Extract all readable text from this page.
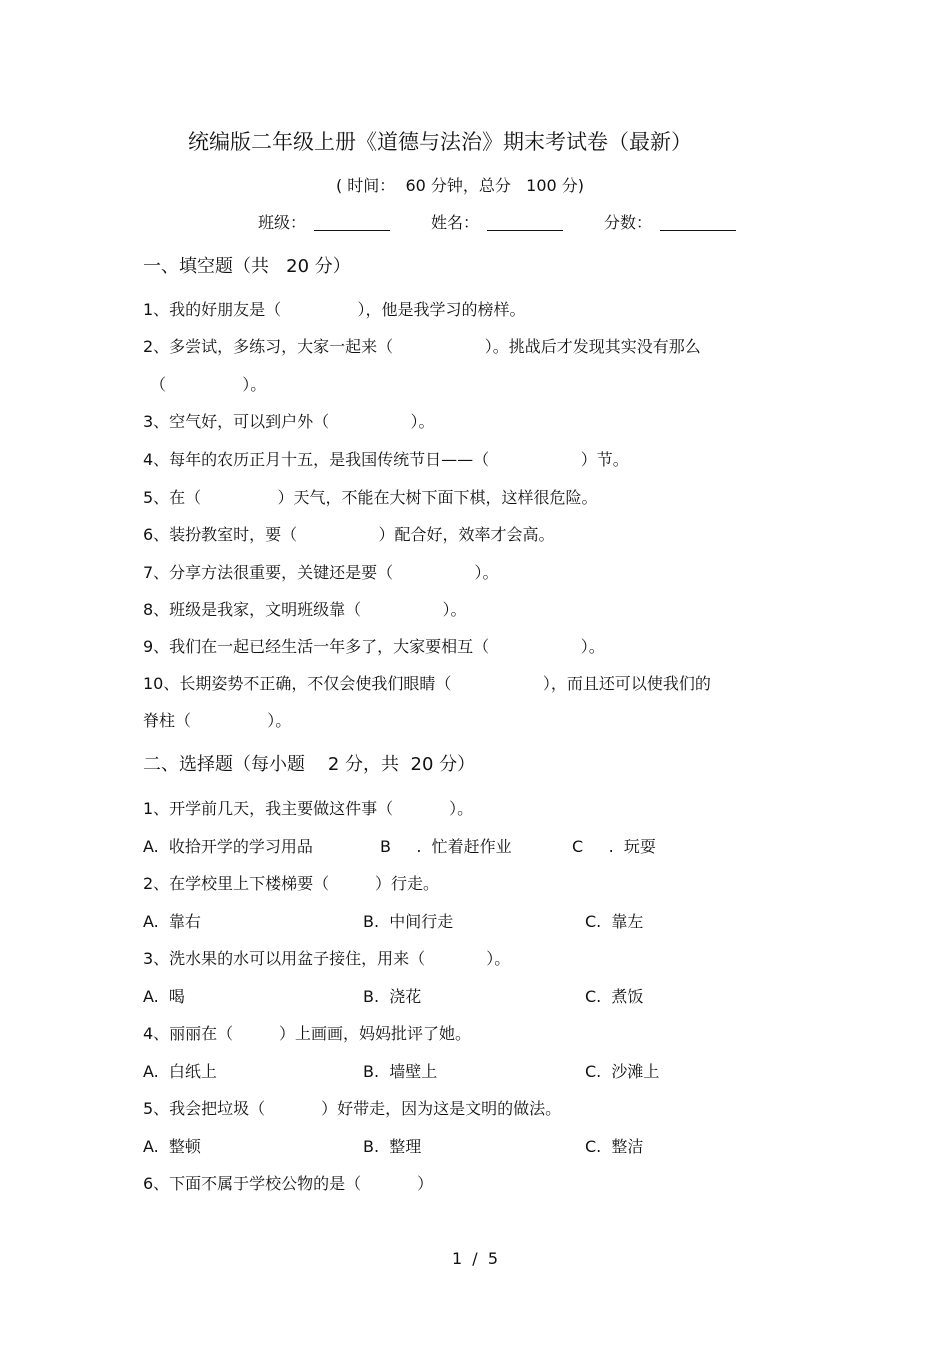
统编版二年级上册《道德与法治》期末考试卷（最新）
( 时间：  60 分钟，总分   100 分)
班级：	姓名：	分数：
一、填空题（共   20 分）
1、我的好朋友是（               ），他是我学习的榜样。
2、多尝试，多练习，大家一起来（                  ）。挑战后才发现其实没有那么
（               ）。
3、空气好，可以到户外（                ）。
4、每年的农历正月十五，是我国传统节日——（                  ）节。
5、在（               ）天气，不能在大树下面下棋，这样很危险。
6、装扮教室时，要（                ）配合好，效率才会高。
7、分享方法很重要，关键还是要（                ）。
8、班级是我家，文明班级靠（                ）。
9、我们在一起已经生活一年多了，大家要相互（                  ）。
10、长期姿势不正确，不仅会使我们眼睛（                  ），而且还可以使我们的
脊柱（               ）。
二、选择题（每小题    2 分，共  20 分）
1、开学前几天，我主要做这件事（           ）。
A.  收拾开学的学习用品	B     .  忙着赶作业	C     .  玩耍
2、在学校里上下楼梯要（         ）行走。
A.  靠右	B.  中间行走	C.  靠左
3、洗水果的水可以用盆子接住，用来（            ）。
A.  喝	B.  浇花	C.  煮饭
4、丽丽在（         ）上画画，妈妈批评了她。
A.  白纸上	B.  墙壁上	C.  沙滩上
5、我会把垃圾（           ）好带走，因为这是文明的做法。
A.  整顿	B.  整理	C.  整洁
6、下面不属于学校公物的是（           ）
1  /  5
